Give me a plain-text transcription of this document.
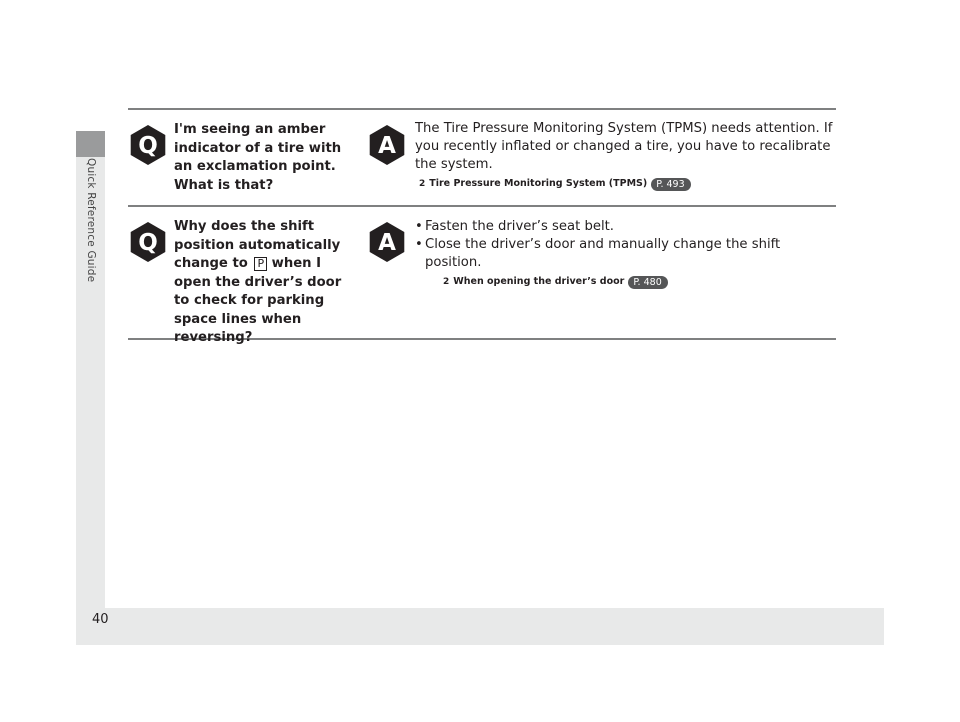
Quick Reference Guide
40
Q
I'm seeing an amber indicator of a tire with an exclamation point. What is that?
A
The Tire Pressure Monitoring System (TPMS) needs attention. If you recently inflated or changed a tire, you have to recalibrate the system.
2 Tire Pressure Monitoring System (TPMS) P. 493
Q
Why does the shift position automatically change to P when I open the driver’s door to check for parking space lines when reversing?
A
• Fasten the driver’s seat belt.
• Close the driver’s door and manually change the shift position.
2 When opening the driver’s door P. 480
